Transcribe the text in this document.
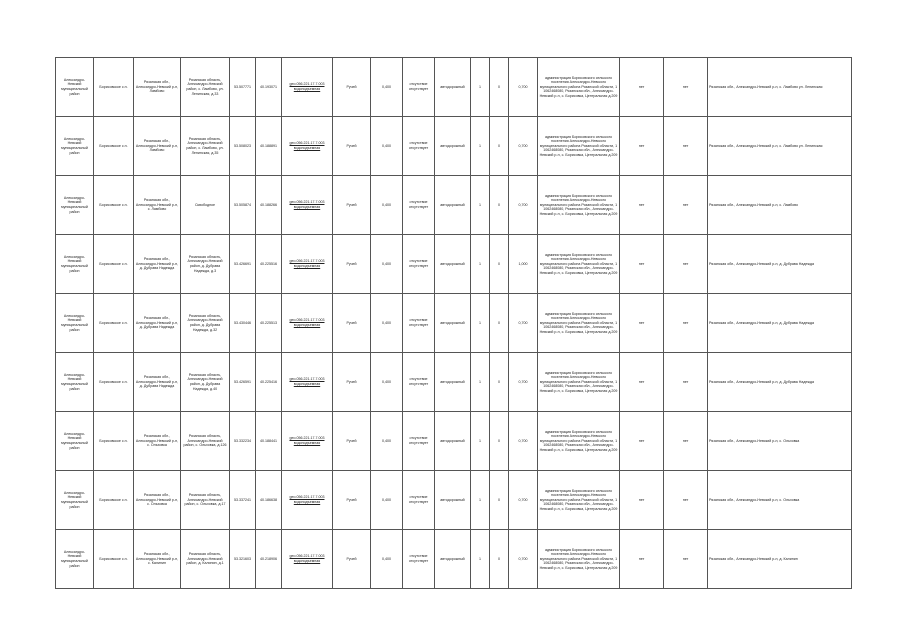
Александро-Невский муниципальный район	Борисовское с.п.	Рязанская обл., Александро-Невский р-н, Ламбово	Рязанская область, Александро-Невский район, с. Ламбово, ул. Ленинская, д.33	53.507771	40.193071	geo.056.221.17.7.003 водоподъемная	Ручей	0,400	отсутствие отсутствует	автодорожный	1	0	0,700	администрация Борисовского сельского поселения Александро-Невского муниципального района Рязанской области, 1 1062468080, Рязанская обл., Александро-Невский р-н, с. Борисовка, Центральная д.209	нет	нет	Рязанская обл., Александро-Невский р-н, с. Ламбово ул. Ленинская
Александро-Невский муниципальный район	Борисовское с.п.	Рязанская обл., Александро-Невский р-н, Ламбово	Рязанская область, Александро-Невский район, с. Ламбово, ул. Ленинская, д.35	53.508023	40.188891	geo.056.221.17.7.003 водоподъемная	Ручей	0,400	отсутствие отсутствует	автодорожный	1	0	0,700	администрация Борисовского сельского поселения Александро-Невского муниципального района Рязанской области, 1 1062468080, Рязанская обл., Александро-Невский р-н, с. Борисовка, Центральная д.209	нет	нет	Рязанская обл., Александро-Невский р-н, с. Ламбово ул. Ленинская
Александро-Невский муниципальный район	Борисовское с.п.	Рязанская обл., Александро-Невский р-н, с. Ламбово	Сквободное	53.505874	40.188266	geo.056.221.17.7.003 водоподъемная	Ручей	0,400	отсутствие отсутствует	автодорожный	1	0	0,700	администрация Борисовского сельского поселения Александро-Невского муниципального района Рязанской области, 1 1062468080, Рязанская обл., Александро-Невский р-н, с. Борисовка, Центральная д.209	нет	нет	Рязанская обл., Александро-Невский р-н, с. Ламбово
Александро-Невский муниципальный район	Борисовское с.п.	Рязанская обл., Александро-Невский р-н, д. Дубрава Надежда	Рязанская область, Александро-Невский район, д. Дубрава Надежда, д.3	53.426691	40.225516	geo.056.221.17.7.003 водоподъемная	Ручей	0,400	отсутствие отсутствует	автодорожный	1	0	1,000	администрация Борисовского сельского поселения Александро-Невского муниципального района Рязанской области, 1 1062468080, Рязанская обл., Александро-Невский р-н, с. Борисовка, Центральная д.209	нет	нет	Рязанская обл., Александро-Невский р-н, д. Дубрава Надежда
Александро-Невский муниципальный район	Борисовское с.п.	Рязанская обл., Александро-Невский р-н, д. Дубрава Надежда	Рязанская область, Александро-Невский район, д. Дубрава Надежда, д.32	53.430446	40.225513	geo.056.221.17.7.003 водоподъемная	Ручей	0,400	отсутствие отсутствует	автодорожный	1	0	0,700	администрация Борисовского сельского поселения Александро-Невского муниципального района Рязанской области, 1 1062468080, Рязанская обл., Александро-Невский р-н, с. Борисовка, Центральная д.209	нет	нет	Рязанская обл., Александро-Невский р-н, д. Дубрава Надежда
Александро-Невский муниципальный район	Борисовское с.п.	Рязанская обл., Александро-Невский р-н, д. Дубрава Надежда	Рязанская область, Александро-Невский район, д. Дубрава Надежда, д.40	53.426591	40.225416	geo.056.221.17.7.003 водоподъемная	Ручей	0,400	отсутствие отсутствует	автодорожный	1	0	0,700	администрация Борисовского сельского поселения Александро-Невского муниципального района Рязанской области, 1 1062468080, Рязанская обл., Александро-Невский р-н, с. Борисовка, Центральная д.209	нет	нет	Рязанская обл., Александро-Невский р-н, д. Дубрава Надежда
Александро-Невский муниципальный район	Борисовское с.п.	Рязанская обл., Александро-Невский р-н, с. Ольховка	Рязанская область, Александро-Невский район, с. Ольховка, д.126	53.332234	40.188441	geo.056.221.17.7.003 водоподъемная	Ручей	0,400	отсутствие отсутствует	автодорожный	1	0	0,700	администрация Борисовского сельского поселения Александро-Невского муниципального района Рязанской области, 1 1062468080, Рязанская обл., Александро-Невский р-н, с. Борисовка, Центральная д.209	нет	нет	Рязанская обл., Александро-Невский р-н, с. Ольховка
Александро-Невский муниципальный район	Борисовское с.п.	Рязанская обл., Александро-Невский р-н, с. Ольховка	Рязанская область, Александро-Невский район, с. Ольховка, д.17	53.337241	40.186638	geo.056.221.17.7.003 водоподъемная	Ручей	0,400	отсутствие отсутствует	автодорожный	1	0	0,700	администрация Борисовского сельского поселения Александро-Невского муниципального района Рязанской области, 1 1062468080, Рязанская обл., Александро-Невский р-н, с. Борисовка, Центральная д.209	нет	нет	Рязанская обл., Александро-Невский р-н, с. Ольховка
Александро-Невский муниципальный район	Борисовское с.п.	Рязанская обл., Александро-Невский р-н, с. Калинин	Рязанская область, Александро-Невский район, д. Калинин, д.1	53.321603	40.218906	geo.056.221.17.7.003 водоподъемная	Ручей	0,400	отсутствие отсутствует	автодорожный	1	0	0,700	администрация Борисовского сельского поселения Александро-Невского муниципального района Рязанской области, 1 1062468080, Рязанская обл., Александро-Невский р-н, с. Борисовка, Центральная д.209	нет	нет	Рязанская обл., Александро-Невский р-н, д. Калинин
